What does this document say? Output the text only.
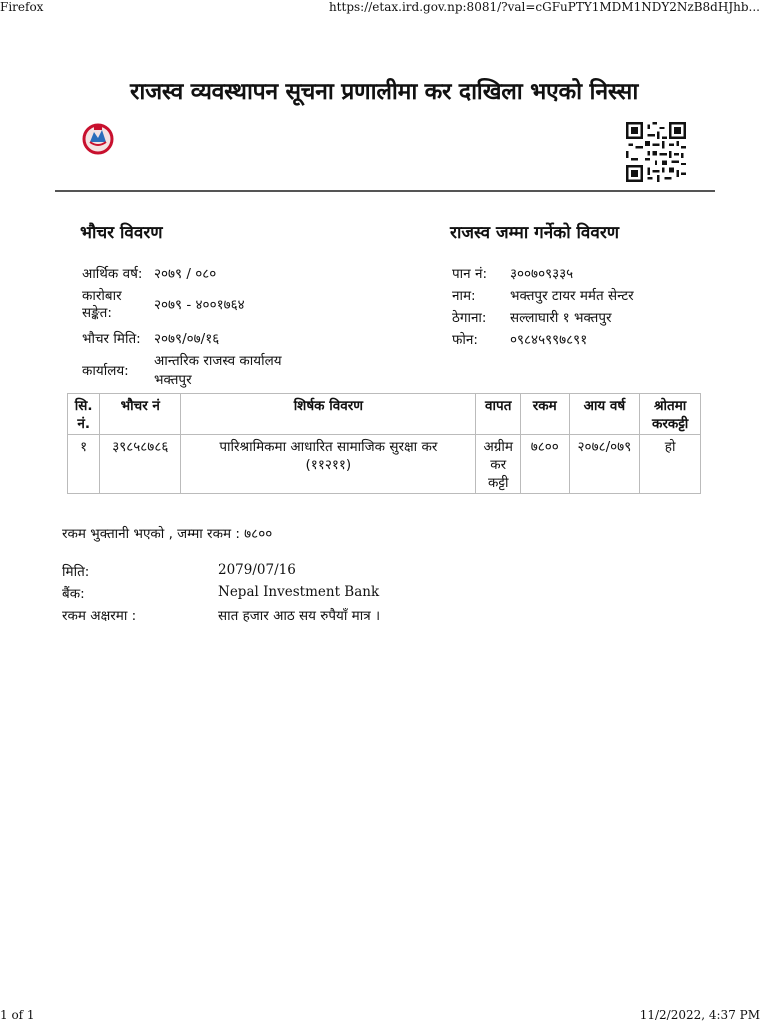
Firefox	https://etax.ird.gov.np:8081/?val=cGFuPTY1MDM1NDY2NzB8dHJhb...
1 of 1	11/2/2022, 4:37 PM
राजस्व व्यवस्थापन सूचना प्रणालीमा कर दाखिला भएको निस्सा
भौचर विवरण	राजस्व जम्मा गर्नेको विवरण
आर्थिक वर्ष: २०७९ / ०८०
कारोबार
सङ्केत:	२०७९ - ४००१७६४
भौचर मिति: २०७९/०७/१६
कार्यालय:
आन्तरिक राजस्व कार्यालय
भक्तपुर
पान नं: ३००७०९३३५
नाम:	भक्तपुर टायर मर्मत सेन्टर
ठेगाना: सल्लाघारी १ भक्तपुर
फोन: ०९८४५९९७८९१
सि.
नं.	भौचर नं	शिर्षक विवरण	वापत	रकम	आय वर्ष	श्रोतमा
करकट्टी
१	३९८५८७८६	पारिश्रामिकमा आधारित सामाजिक सुरक्षा कर
(११२११)	अग्रीम
कर
कट्टी	७८००	२०७८/०७९	हो
रकम भुक्तानी भएको , जम्मा रकम : ७८००
मिति:	2079/07/16
बैंक:	Nepal Investment Bank
रकम अक्षरमा :	सात हजार आठ सय रुपैयाँ मात्र ।
